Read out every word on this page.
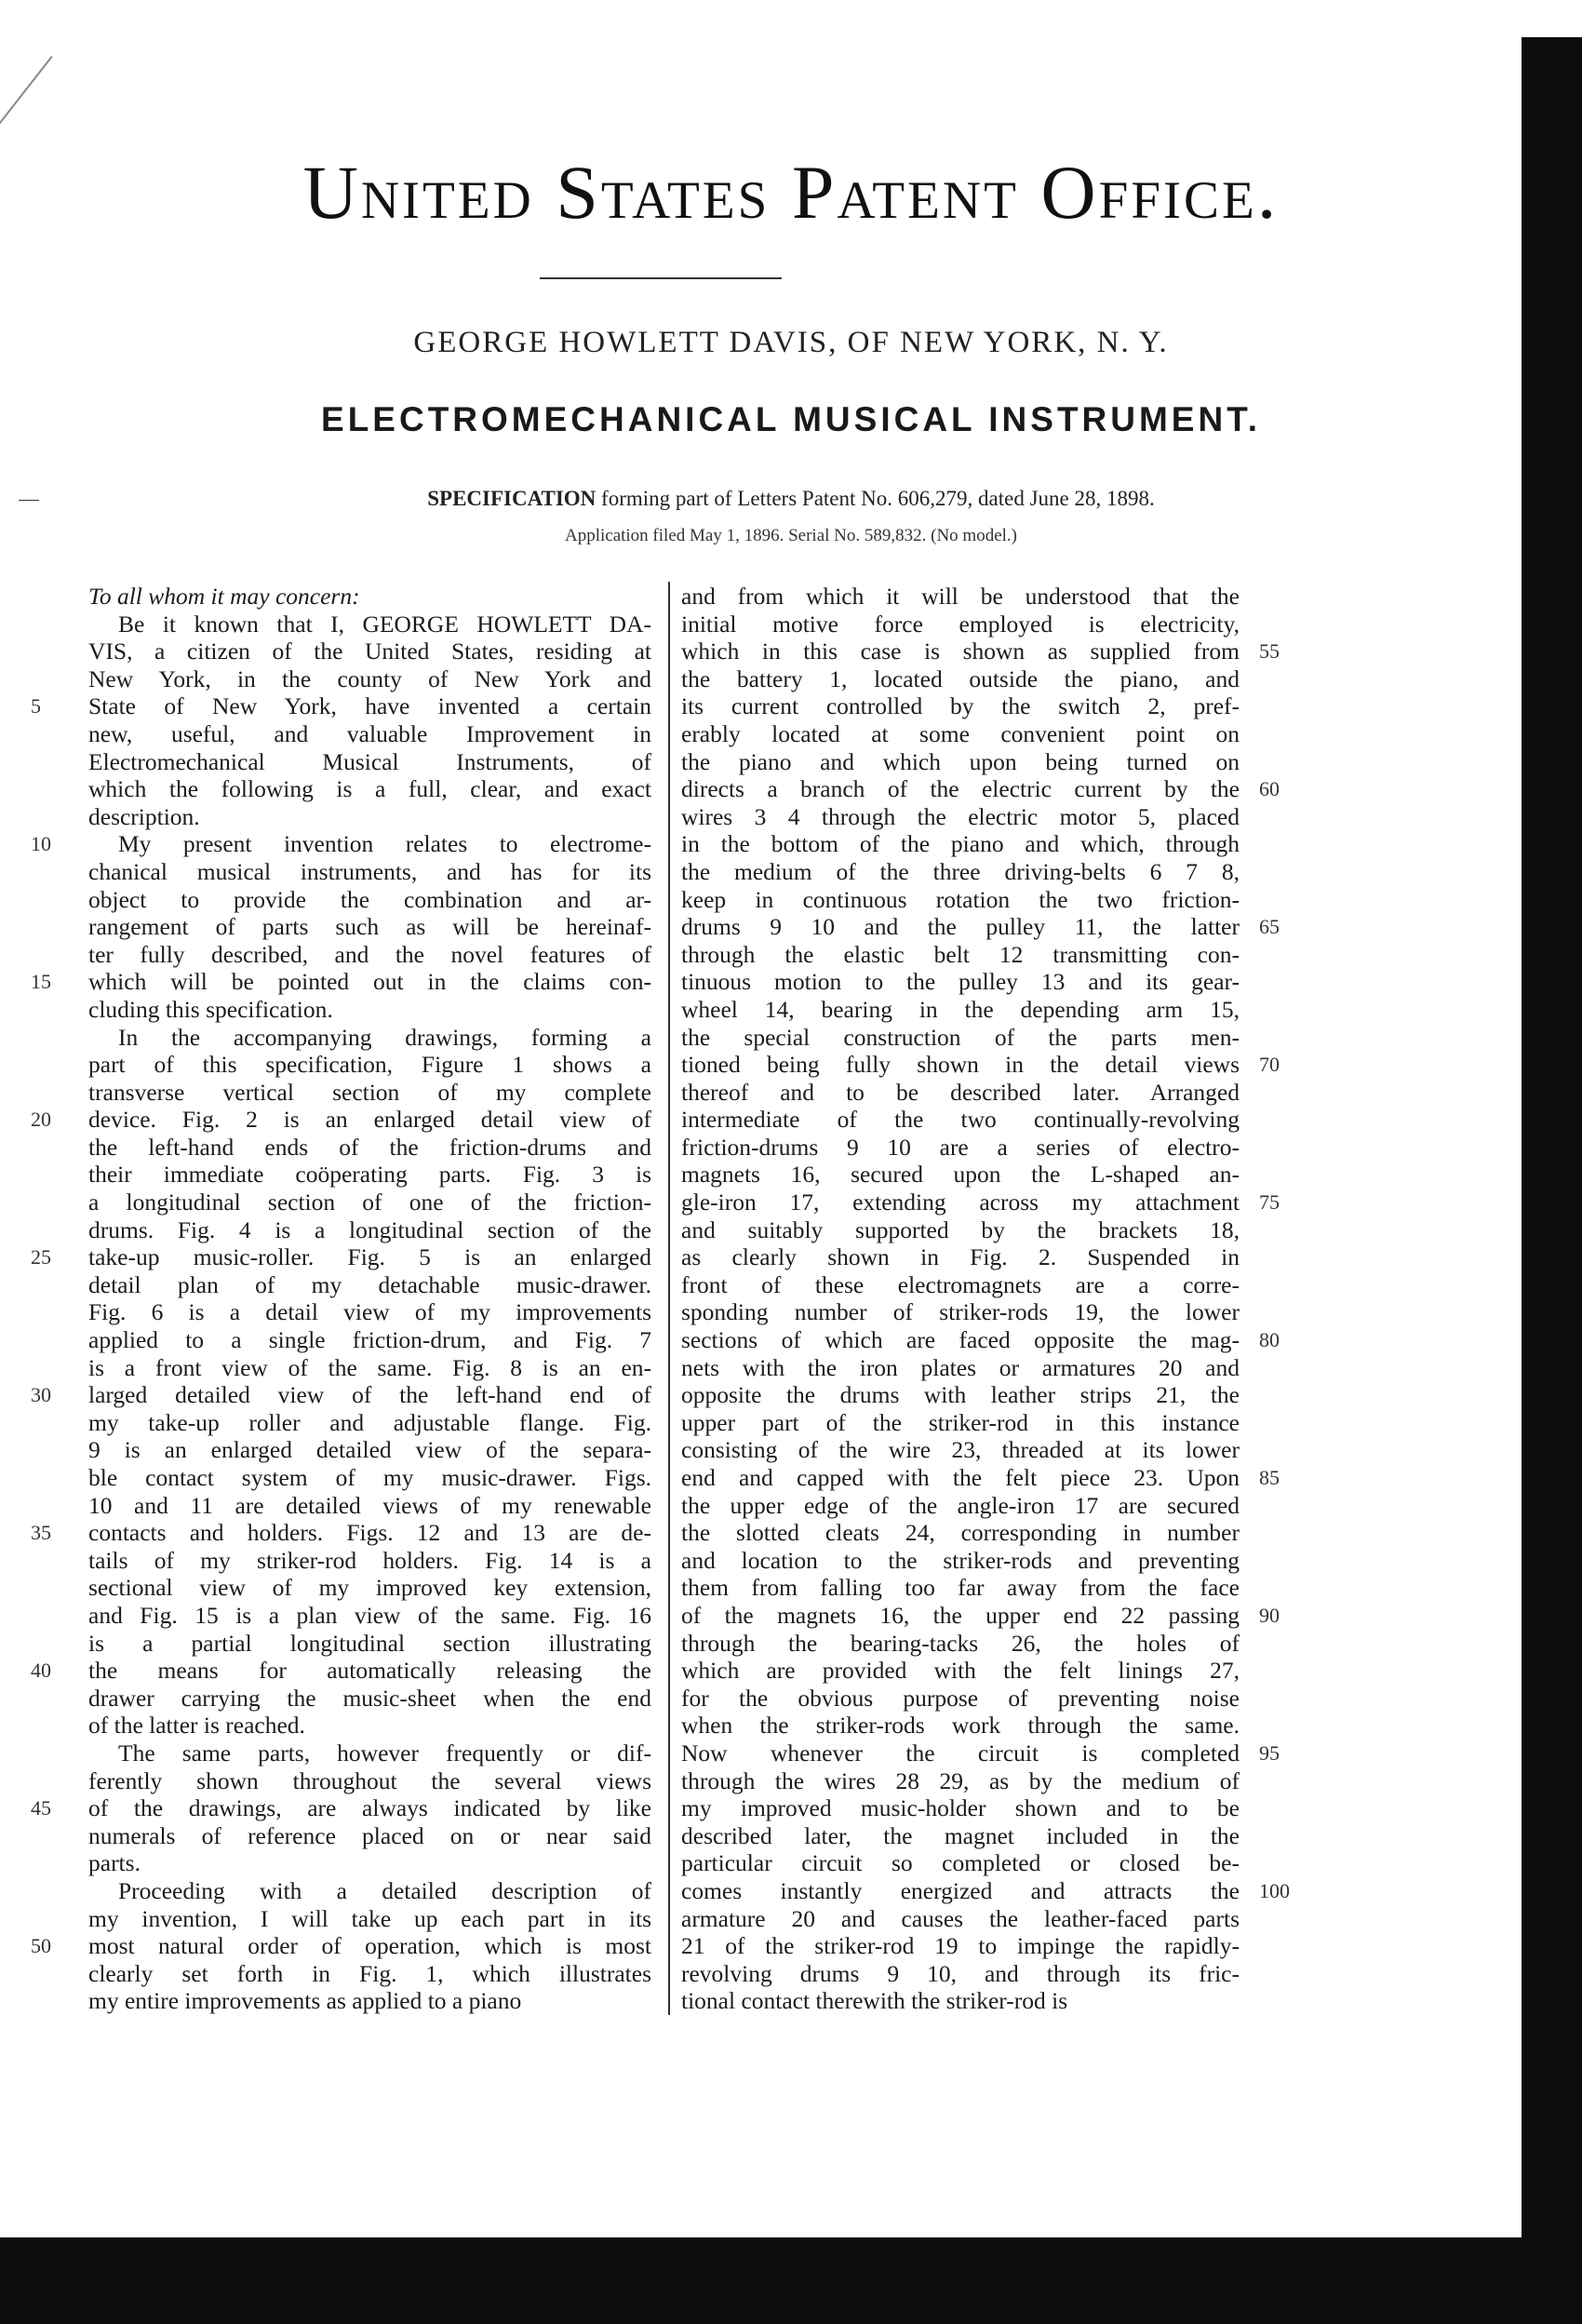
United States Patent Office.
GEORGE HOWLETT DAVIS, OF NEW YORK, N. Y.
ELECTROMECHANICAL MUSICAL INSTRUMENT.
SPECIFICATION forming part of Letters Patent No. 606,279, dated June 28, 1898.
Application filed May 1, 1896. Serial No. 589,832. (No model.)
To all whom it may concern:
Be it known that I, GEORGE HOWLETT DA-
VIS, a citizen of the United States, residing at
New York, in the county of New York and
State of New York, have invented a certain
new, useful, and valuable Improvement in
Electromechanical Musical Instruments, of
which the following is a full, clear, and exact
description.
My present invention relates to electrome-
chanical musical instruments, and has for its
object to provide the combination and ar-
rangement of parts such as will be hereinaf-
ter fully described, and the novel features of
which will be pointed out in the claims con-
cluding this specification.
In the accompanying drawings, forming a
part of this specification, Figure 1 shows a
transverse vertical section of my complete
device. Fig. 2 is an enlarged detail view of
the left-hand ends of the friction-drums and
their immediate coöperating parts. Fig. 3 is
a longitudinal section of one of the friction-
drums. Fig. 4 is a longitudinal section of the
take-up music-roller. Fig. 5 is an enlarged
detail plan of my detachable music-drawer.
Fig. 6 is a detail view of my improvements
applied to a single friction-drum, and Fig. 7
is a front view of the same. Fig. 8 is an en-
larged detailed view of the left-hand end of
my take-up roller and adjustable flange. Fig.
9 is an enlarged detailed view of the separa-
ble contact system of my music-drawer. Figs.
10 and 11 are detailed views of my renewable
contacts and holders. Figs. 12 and 13 are de-
tails of my striker-rod holders. Fig. 14 is a
sectional view of my improved key extension,
and Fig. 15 is a plan view of the same. Fig. 16
is a partial longitudinal section illustrating
the means for automatically releasing the
drawer carrying the music-sheet when the end
of the latter is reached.
The same parts, however frequently or dif-
ferently shown throughout the several views
of the drawings, are always indicated by like
numerals of reference placed on or near said
parts.
Proceeding with a detailed description of
my invention, I will take up each part in its
most natural order of operation, which is most
clearly set forth in Fig. 1, which illustrates
my entire improvements as applied to a piano
and from which it will be understood that the
initial motive force employed is electricity,
which in this case is shown as supplied from
the battery 1, located outside the piano, and
its current controlled by the switch 2, pref-
erably located at some convenient point on
the piano and which upon being turned on
directs a branch of the electric current by the
wires 3 4 through the electric motor 5, placed
in the bottom of the piano and which, through
the medium of the three driving-belts 6 7 8,
keep in continuous rotation the two friction-
drums 9 10 and the pulley 11, the latter
through the elastic belt 12 transmitting con-
tinuous motion to the pulley 13 and its gear-
wheel 14, bearing in the depending arm 15,
the special construction of the parts men-
tioned being fully shown in the detail views
thereof and to be described later. Arranged
intermediate of the two continually-revolving
friction-drums 9 10 are a series of electro-
magnets 16, secured upon the L-shaped an-
gle-iron 17, extending across my attachment
and suitably supported by the brackets 18,
as clearly shown in Fig. 2. Suspended in
front of these electromagnets are a corre-
sponding number of striker-rods 19, the lower
sections of which are faced opposite the mag-
nets with the iron plates or armatures 20 and
opposite the drums with leather strips 21, the
upper part of the striker-rod in this instance
consisting of the wire 23, threaded at its lower
end and capped with the felt piece 23. Upon
the upper edge of the angle-iron 17 are secured
the slotted cleats 24, corresponding in number
and location to the striker-rods and preventing
them from falling too far away from the face
of the magnets 16, the upper end 22 passing
through the bearing-tacks 26, the holes of
which are provided with the felt linings 27,
for the obvious purpose of preventing noise
when the striker-rods work through the same.
Now whenever the circuit is completed
through the wires 28 29, as by the medium of
my improved music-holder shown and to be
described later, the magnet included in the
particular circuit so completed or closed be-
comes instantly energized and attracts the
armature 20 and causes the leather-faced parts
21 of the striker-rod 19 to impinge the rapidly-
revolving drums 9 10, and through its fric-
tional contact therewith the striker-rod is
5
10
15
20
25
30
35
40
45
50
55
60
65
70
75
80
85
90
95
100
